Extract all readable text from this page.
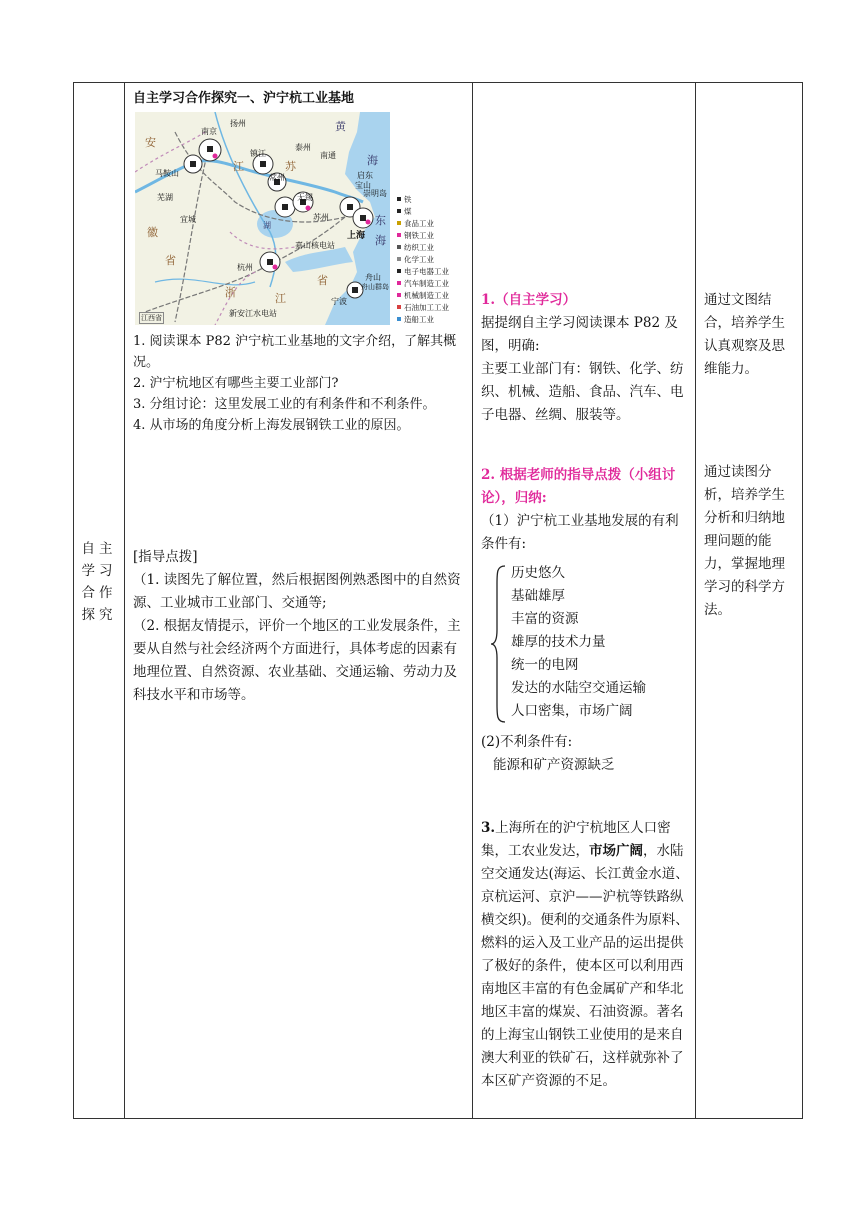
自主学习合作探究
自主学习合作探究一、沪宁杭工业基地
扬州
安
南京	黄
镇江
江
马鞍山
泰州
苏
南通	海
常州
芜湖
苏州
启东
崇明岛
徽
宜城
无锡
宝山
湖
上海
省
嘉山核电站
浙
杭州
江	宁波
舟山
舟山群岛
新安江水电站
江西省
省
东
海
铁
煤
食品工业
钢铁工业
纺织工业
化学工业
电子电器工业
汽车制造工业
机械制造工业
石油加工工业
造船工业

1. 阅读课本 P82 沪宁杭工业基地的文字介绍，了解其概况。

2. 沪宁杭地区有哪些主要工业部门?

3. 分组讨论：这里发展工业的有利条件和不利条件。

4. 从市场的角度分析上海发展钢铁工业的原因。

[指导点拨]

（1. 读图先了解位置，然后根据图例熟悉图中的自然资源、工业城市工业部门、交通等;

（2. 根据友情提示，评价一个地区的工业发展条件，主要从自然与社会经济两个方面进行，具体考虑的因素有地理位置、自然资源、农业基础、交通运输、劳动力及科技水平和市场等。

1.（自主学习）

据提纲自主学习阅读课本 P82 及图，明确:

主要工业部门有：钢铁、化学、纺织、机械、造船、食品、汽车、电子电器、丝绸、服装等。

2. 根据老师的指导点拨（小组讨论），归纳:

（1）沪宁杭工业基地发展的有利条件有:

历史悠久
基础雄厚
丰富的资源
雄厚的技术力量
统一的电网
发达的水陆空交通运输
人口密集，市场广阔

(2)不利条件有:

能源和矿产资源缺乏

3.上海所在的沪宁杭地区人口密集，工农业发达，市场广阔，水陆空交通发达(海运、长江黄金水道、京杭运河、京沪——沪杭等铁路纵横交织)。便利的交通条件为原料、燃料的运入及工业产品的运出提供了极好的条件，使本区可以利用西南地区丰富的有色金属矿产和华北地区丰富的煤炭、石油资源。著名的上海宝山钢铁工业使用的是来自澳大利亚的铁矿石，这样就弥补了本区矿产资源的不足。

通过文图结合，培养学生认真观察及思维能力。

通过读图分析，培养学生分析和归纳地理问题的能力，掌握地理学习的科学方法。
